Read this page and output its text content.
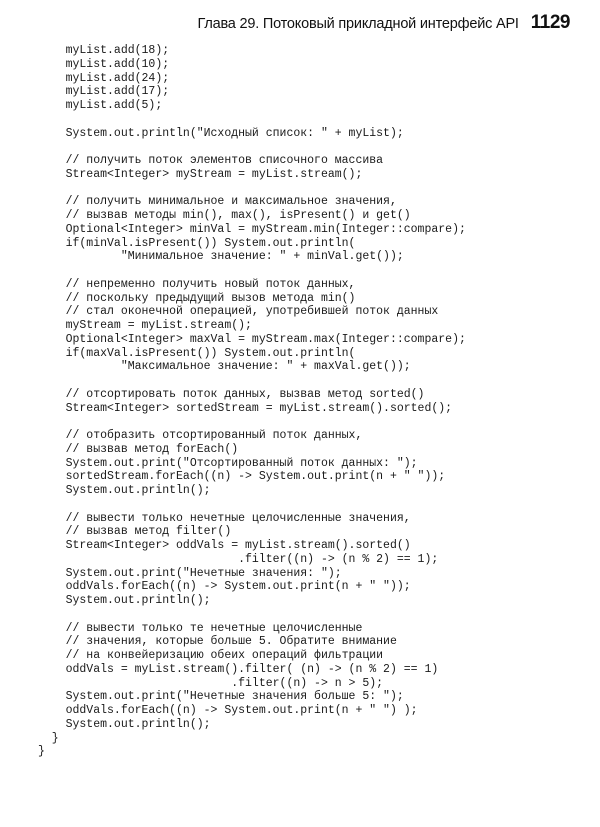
Глава 29. Потоковый прикладной интерфейс API 1129
myList.add(18);
myList.add(10);
myList.add(24);
myList.add(17);
myList.add(5);

System.out.println("Исходный список: " + myList);

// получить поток элементов списочного массива
Stream<Integer> myStream = myList.stream();

// получить минимальное и максимальное значения,
// вызвав методы min(), max(), isPresent() и get()
Optional<Integer> minVal = myStream.min(Integer::compare);
if(minVal.isPresent()) System.out.println(
"Минимальное значение: " + minVal.get());

// непременно получить новый поток данных,
// поскольку предыдущий вызов метода min()
// стал оконечной операцией, употребившей поток данных
myStream = myList.stream();
Optional<Integer> maxVal = myStream.max(Integer::compare);
if(maxVal.isPresent()) System.out.println(
"Максимальное значение: " + maxVal.get());

// отсортировать поток данных, вызвав метод sorted()
Stream<Integer> sortedStream = myList.stream().sorted();

// отобразить отсортированный поток данных,
// вызвав метод forEach()
System.out.print("Отсортированный поток данных: ");
sortedStream.forEach((n) -> System.out.print(n + " "));
System.out.println();

// вывести только нечетные целочисленные значения,
// вызвав метод filter()
Stream<Integer> oddVals = myList.stream().sorted()
.filter((n) -> (n % 2) == 1);
System.out.print("Нечетные значения: ");
oddVals.forEach((n) -> System.out.print(n + " "));
System.out.println();

// вывести только те нечетные целочисленные
// значения, которые больше 5. Обратите внимание
// на конвейеризацию обеих операций фильтрации
oddVals = myList.stream().filter( (n) -> (n % 2) == 1)
.filter((n) -> n > 5);
System.out.print("Нечетные значения больше 5: ");
oddVals.forEach((n) -> System.out.print(n + " ") );
System.out.println();
}
}
